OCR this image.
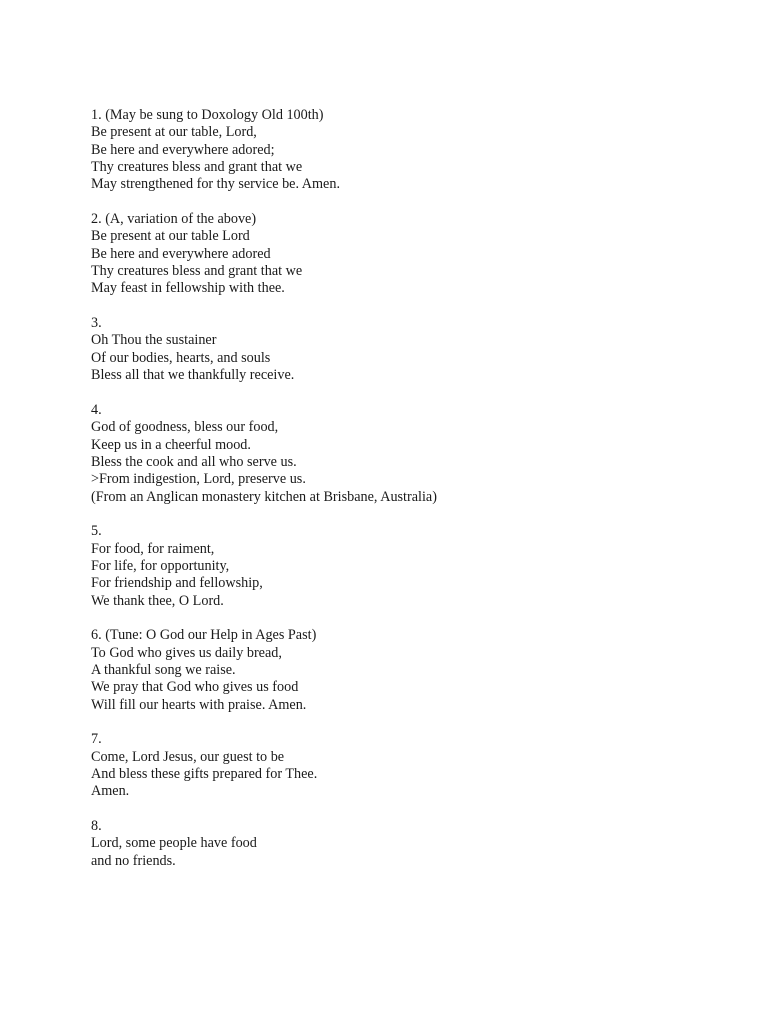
1. (May be sung to Doxology Old 100th)
Be present at our table, Lord,
Be here and everywhere adored;
Thy creatures bless and grant that we
May strengthened for thy service be. Amen.
2. (A, variation of the above)
Be present at our table Lord
Be here and everywhere adored
Thy creatures bless and grant that we
May feast in fellowship with thee.
3.
Oh Thou the sustainer
Of our bodies, hearts, and souls
Bless all that we thankfully receive.
4.
God of goodness, bless our food,
Keep us in a cheerful mood.
Bless the cook and all who serve us.
>From indigestion, Lord, preserve us.
(From an Anglican monastery kitchen at Brisbane, Australia)
5.
For food, for raiment,
For life, for opportunity,
For friendship and fellowship,
We thank thee, O Lord.
6. (Tune: O God our Help in Ages Past)
To God who gives us daily bread,
A thankful song we raise.
We pray that God who gives us food
Will fill our hearts with praise. Amen.
7.
Come, Lord Jesus, our guest to be
And bless these gifts prepared for Thee.
Amen.
8.
Lord, some people have food
and no friends.
